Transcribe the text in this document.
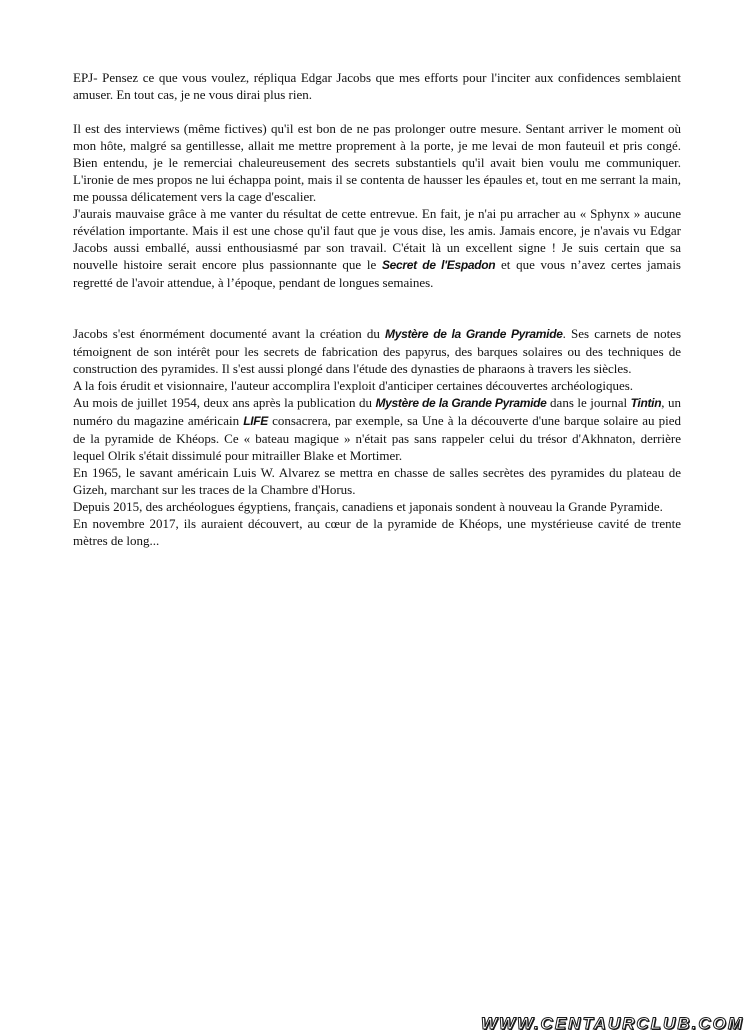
EPJ- Pensez ce que vous voulez, répliqua Edgar Jacobs que mes efforts pour l'inciter aux confidences semblaient amuser. En tout cas, je ne vous dirai plus rien.

Il est des interviews (même fictives) qu'il est bon de ne pas prolonger outre mesure. Sentant arriver le moment où mon hôte, malgré sa gentillesse, allait me mettre proprement à la porte, je me levai de mon fauteuil et pris congé. Bien entendu, je le remerciai chaleureusement des secrets substantiels qu'il avait bien voulu me communiquer. L'ironie de mes propos ne lui échappa point, mais il se contenta de hausser les épaules et, tout en me serrant la main, me poussa délicatement vers la cage d'escalier.

J'aurais mauvaise grâce à me vanter du résultat de cette entrevue. En fait, je n'ai pu arracher au « Sphynx » aucune révélation importante. Mais il est une chose qu'il faut que je vous dise, les amis. Jamais encore, je n'avais vu Edgar Jacobs aussi emballé, aussi enthousiasmé par son travail. C'était là un excellent signe ! Je suis certain que sa nouvelle histoire serait encore plus passionnante que le Secret de l'Espadon et que vous n’avez certes jamais regretté de l'avoir attendue, à l’époque, pendant de longues semaines.

Jacobs s'est énormément documenté avant la création du Mystère de la Grande Pyramide. Ses carnets de notes témoignent de son intérêt pour les secrets de fabrication des papyrus, des barques solaires ou des techniques de construction des pyramides. Il s'est aussi plongé dans l'étude des dynasties de pharaons à travers les siècles.

A la fois érudit et visionnaire, l'auteur accomplira l'exploit d'anticiper certaines découvertes archéologiques.

Au mois de juillet 1954, deux ans après la publication du Mystère de la Grande Pyramide dans le journal Tintin, un numéro du magazine américain LIFE consacrera, par exemple, sa Une à la découverte d'une barque solaire au pied de la pyramide de Khéops. Ce « bateau magique » n'était pas sans rappeler celui du trésor d'Akhnaton, derrière lequel Olrik s'était dissimulé pour mitrailler Blake et Mortimer.

En 1965, le savant américain Luis W. Alvarez se mettra en chasse de salles secrètes des pyramides du plateau de Gizeh, marchant sur les traces de la Chambre d'Horus.

Depuis 2015, des archéologues égyptiens, français, canadiens et japonais sondent à nouveau la Grande Pyramide.

En novembre 2017, ils auraient découvert, au cœur de la pyramide de Khéops, une mystérieuse cavité de trente mètres de long...

WWW.CENTAURCLUB.COM
